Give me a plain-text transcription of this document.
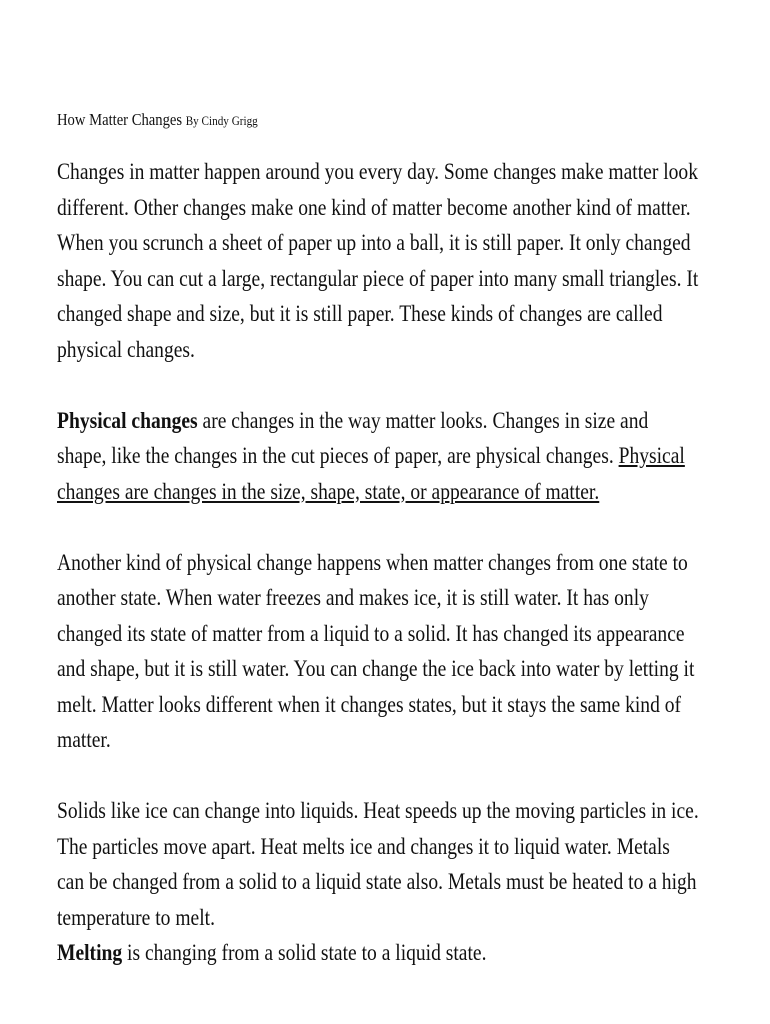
How Matter Changes By Cindy Grigg

Changes in matter happen around you every day. Some changes make matter look different. Other changes make one kind of matter become another kind of matter.

When you scrunch a sheet of paper up into a ball, it is still paper. It only changed shape. You can cut a large, rectangular piece of paper into many small triangles. It changed shape and size, but it is still paper. These kinds of changes are called physical changes.

Physical changes are changes in the way matter looks. Changes in size and shape, like the changes in the cut pieces of paper, are physical changes. Physical changes are changes in the size, shape, state, or appearance of matter.

Another kind of physical change happens when matter changes from one state to another state. When water freezes and makes ice, it is still water. It has only changed its state of matter from a liquid to a solid. It has changed its appearance and shape, but it is still water. You can change the ice back into water by letting it melt. Matter looks different when it changes states, but it stays the same kind of matter.

Solids like ice can change into liquids. Heat speeds up the moving particles in ice. The particles move apart. Heat melts ice and changes it to liquid water. Metals can be changed from a solid to a liquid state also. Metals must be heated to a high temperature to melt.
Melting is changing from a solid state to a liquid state.
